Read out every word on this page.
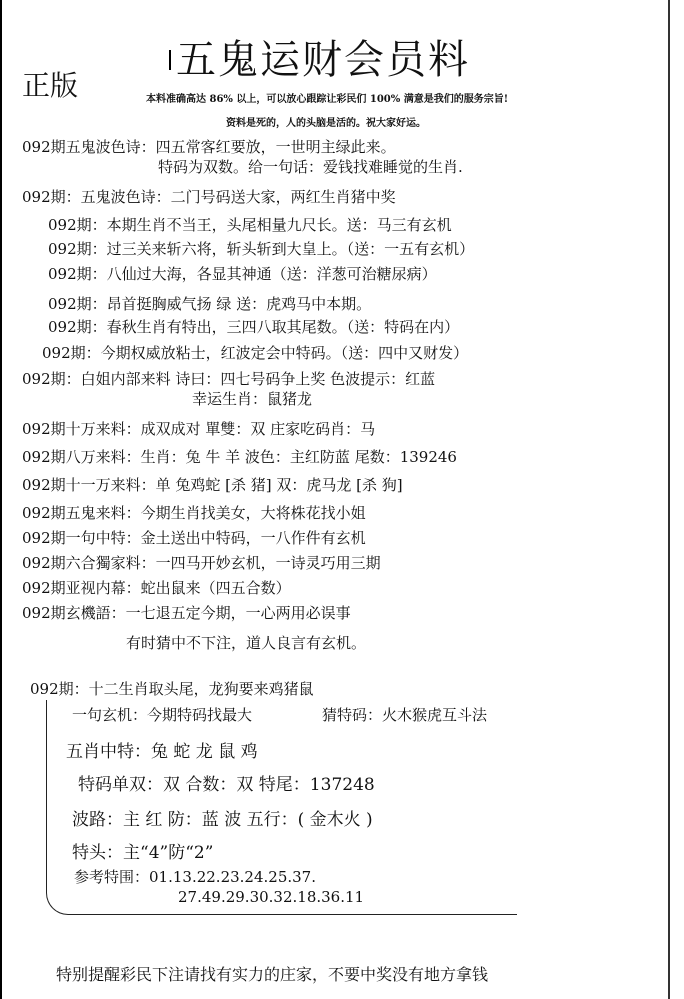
五鬼运财会员料
正版	本料准确高达 86% 以上，可以放心跟踪让彩民们 100% 满意是我们的服务宗旨!
资料是死的，人的头脑是活的。祝大家好运。
092期五鬼波色诗：四五常客红要放，一世明主绿此来。
特码为双数。给一句话：爱钱找难睡觉的生肖.
092期：五鬼波色诗：二门号码送大家，两红生肖猪中奖
092期：本期生肖不当王，头尾相量九尺长。送：马三有玄机
092期：过三关来斩六将，斩头斩到大皇上。（送：一五有玄机）
092期：八仙过大海，各显其神通（送：洋葱可治糖尿病）
092期：昂首挺胸威气扬 绿 送：虎鸡马中本期。
092期：春秋生肖有特出，三四八取其尾数。（送：特码在内）
092期：今期权威放粘士，红波定会中特码。（送：四中又财发）
092期：白姐内部来料 诗曰：四七号码争上奖 色波提示：红蓝
幸运生肖：鼠猪龙
092期十万来料：成双成对 單雙：双 庄家吃码肖：马
092期八万来料：生肖：兔 牛 羊 波色：主红防蓝 尾数：139246
092期十一万来料：单 兔鸡蛇 [杀 猪] 双：虎马龙 [杀 狗]
092期五鬼来料：今期生肖找美女，大将株花找小姐
092期一句中特：金土送出中特码，一八作件有玄机
092期六合獨家料：一四马开妙玄机，一诗灵巧用三期
092期亚视内幕：蛇出鼠来（四五合数）
092期玄機語：一七退五定今期，一心两用必误事
有时猜中不下注，道人良言有玄机。
092期：十二生肖取头尾，龙狗要来鸡猪鼠
一句玄机：今期特码找最大	猜特码：火木猴虎互斗法
五肖中特：兔 蛇 龙 鼠 鸡
特码单双：双 合数：双 特尾：137248
波路：主 红 防：蓝 波 五行：( 金木火 )
特头：主“4”防“2”
参考特围：01.13.22.23.24.25.37.
27.49.29.30.32.18.36.11
特别提醒彩民下注请找有实力的庄家，不要中奖没有地方拿钱
